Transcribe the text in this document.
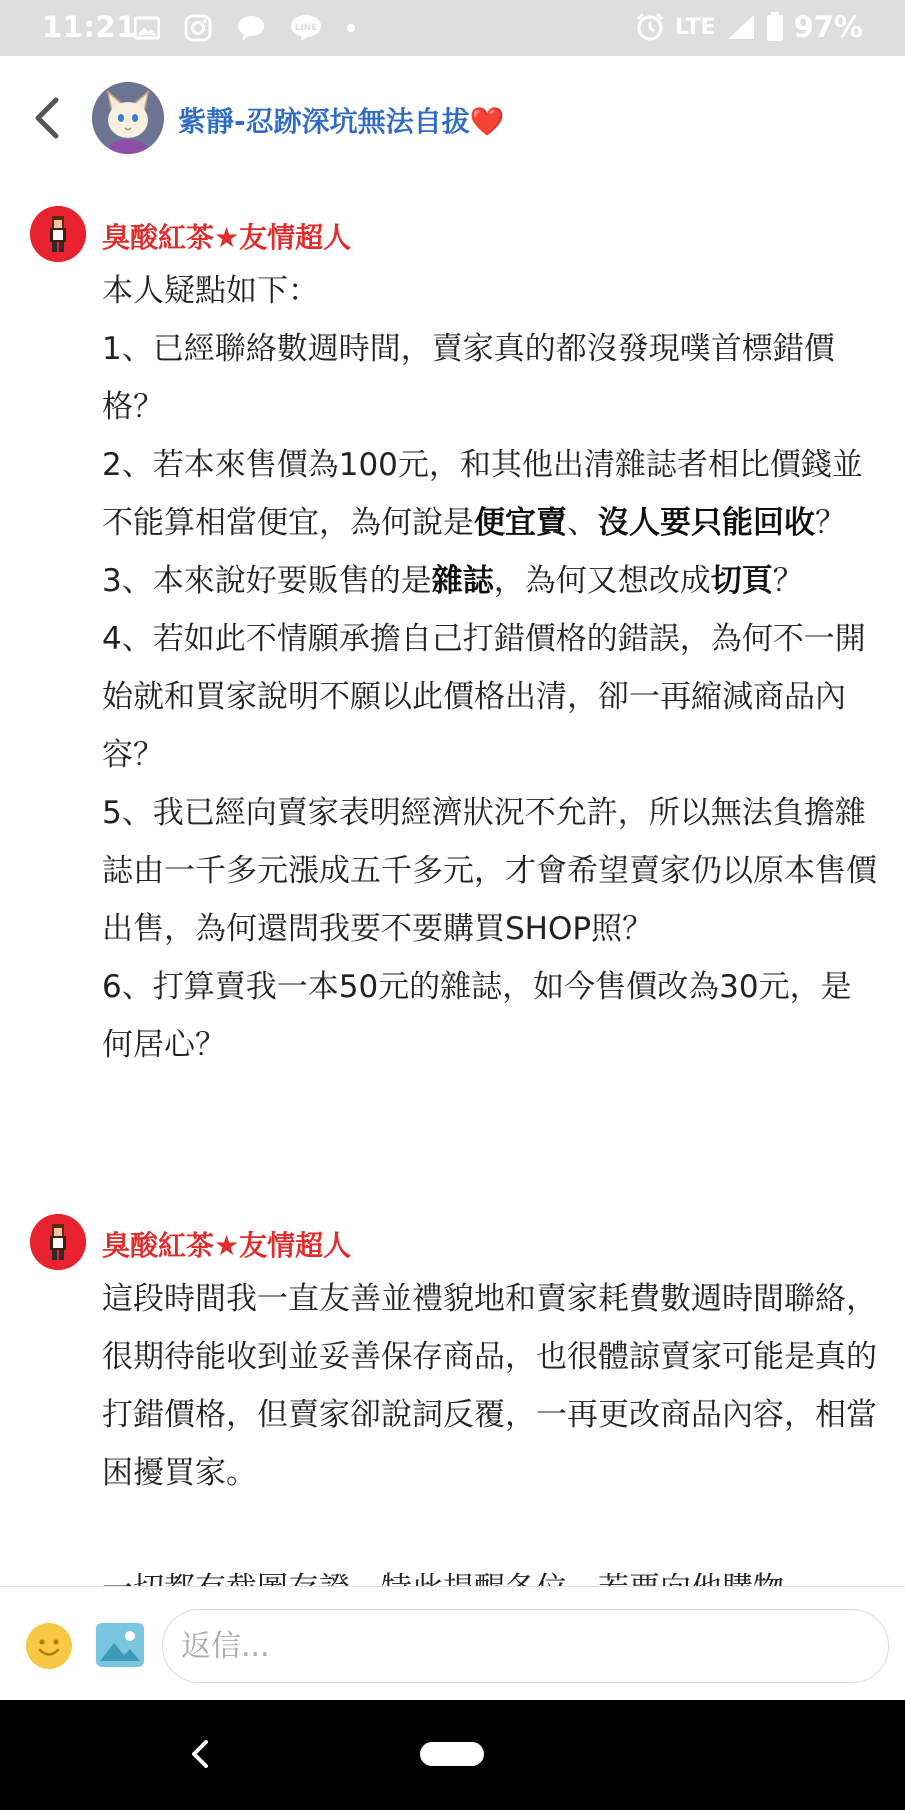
11:21	LINE	LTE	97%
紫靜-忍跡深坑無法自拔❤️
臭酸紅茶★友情超人

本人疑點如下：

1、已經聯絡數週時間，賣家真的都沒發現噗首標錯價格？

2、若本來售價為100元，和其他出清雜誌者相比價錢並不能算相當便宜，為何說是便宜賣、沒人要只能回收？

3、本來說好要販售的是雜誌，為何又想改成切頁？

4、若如此不情願承擔自己打錯價格的錯誤，為何不一開始就和買家說明不願以此價格出清，卻一再縮減商品內容？

5、我已經向賣家表明經濟狀況不允許，所以無法負擔雜誌由一千多元漲成五千多元，才會希望賣家仍以原本售價出售，為何還問我要不要購買SHOP照？

6、打算賣我一本50元的雜誌，如今售價改為30元，是何居心？

臭酸紅茶★友情超人

這段時間我一直友善並禮貌地和賣家耗費數週時間聯絡，很期待能收到並妥善保存商品，也很體諒賣家可能是真的打錯價格，但賣家卻說詞反覆，一再更改商品內容，相當困擾買家。

返信...
